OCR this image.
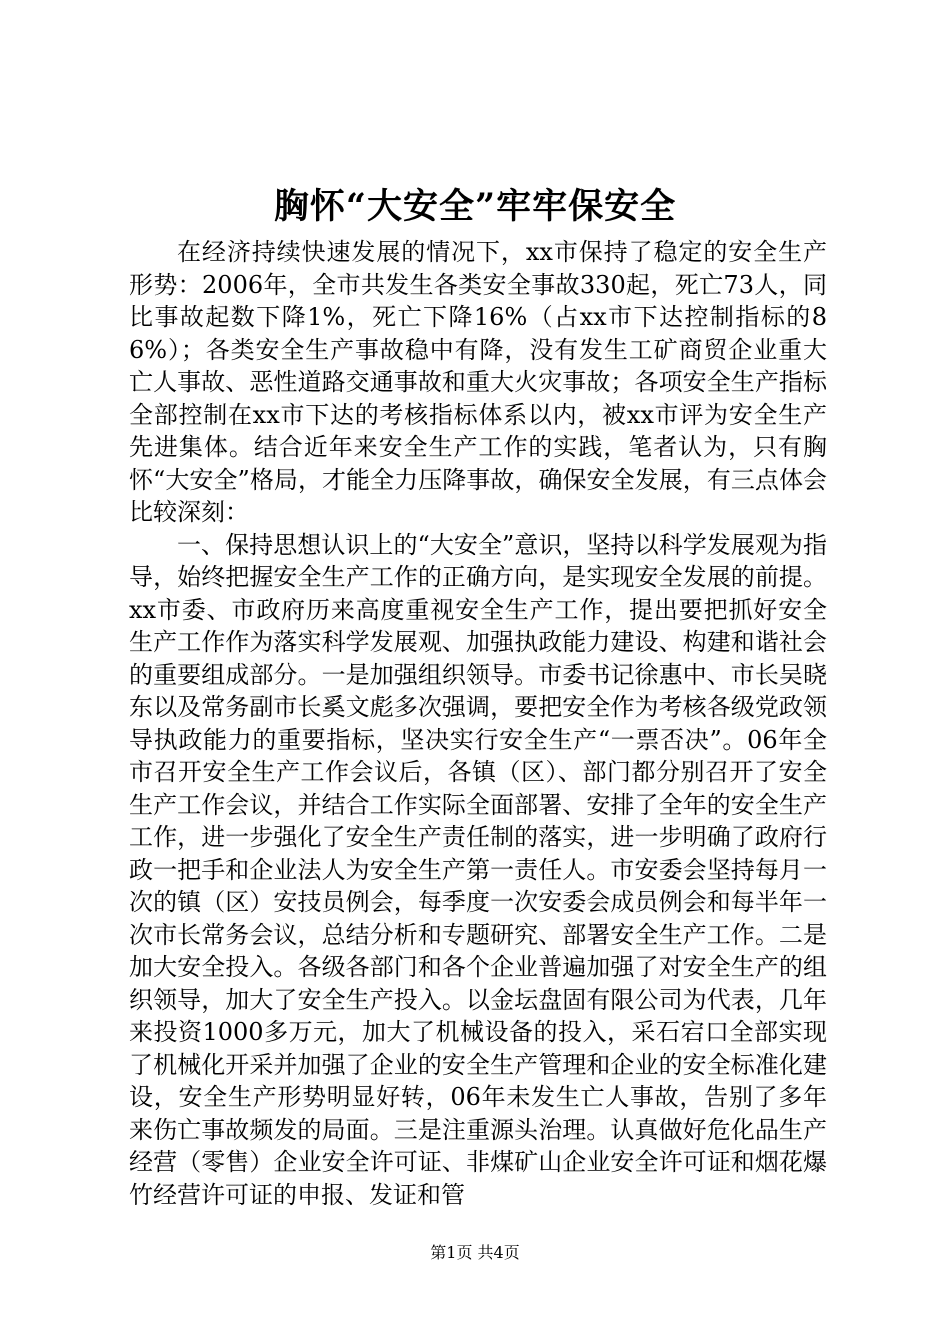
胸怀“大安全”牢牢保安全

在经济持续快速发展的情况下，xx市保持了稳定的安全生产形势：2006年，全市共发生各类安全事故330起，死亡73人，同比事故起数下降1%，死亡下降16%（占xx市下达控制指标的86%）；各类安全生产事故稳中有降，没有发生工矿商贸企业重大亡人事故、恶性道路交通事故和重大火灾事故；各项安全生产指标全部控制在xx市下达的考核指标体系以内，被xx市评为安全生产先进集体。结合近年来安全生产工作的实践，笔者认为，只有胸怀“大安全”格局，才能全力压降事故，确保安全发展，有三点体会比较深刻：

一、保持思想认识上的“大安全”意识，坚持以科学发展观为指导，始终把握安全生产工作的正确方向，是实现安全发展的前提。xx市委、市政府历来高度重视安全生产工作，提出要把抓好安全生产工作作为落实科学发展观、加强执政能力建设、构建和谐社会的重要组成部分。一是加强组织领导。市委书记徐惠中、市长吴晓东以及常务副市长奚文彪多次强调，要把安全作为考核各级党政领导执政能力的重要指标，坚决实行安全生产“一票否决”。06年全市召开安全生产工作会议后，各镇（区）、部门都分别召开了安全生产工作会议，并结合工作实际全面部署、安排了全年的安全生产工作，进一步强化了安全生产责任制的落实，进一步明确了政府行政一把手和企业法人为安全生产第一责任人。市安委会坚持每月一次的镇（区）安技员例会，每季度一次安委会成员例会和每半年一次市长常务会议，总结分析和专题研究、部署安全生产工作。二是加大安全投入。各级各部门和各个企业普遍加强了对安全生产的组织领导，加大了安全生产投入。以金坛盘固有限公司为代表，几年来投资1000多万元，加大了机械设备的投入，采石宕口全部实现了机械化开采并加强了企业的安全生产管理和企业的安全标准化建设，安全生产形势明显好转，06年未发生亡人事故，告别了多年来伤亡事故频发的局面。三是注重源头治理。认真做好危化品生产经营（零售）企业安全许可证、非煤矿山企业安全许可证和烟花爆竹经营许可证的申报、发证和管

第1页 共4页
